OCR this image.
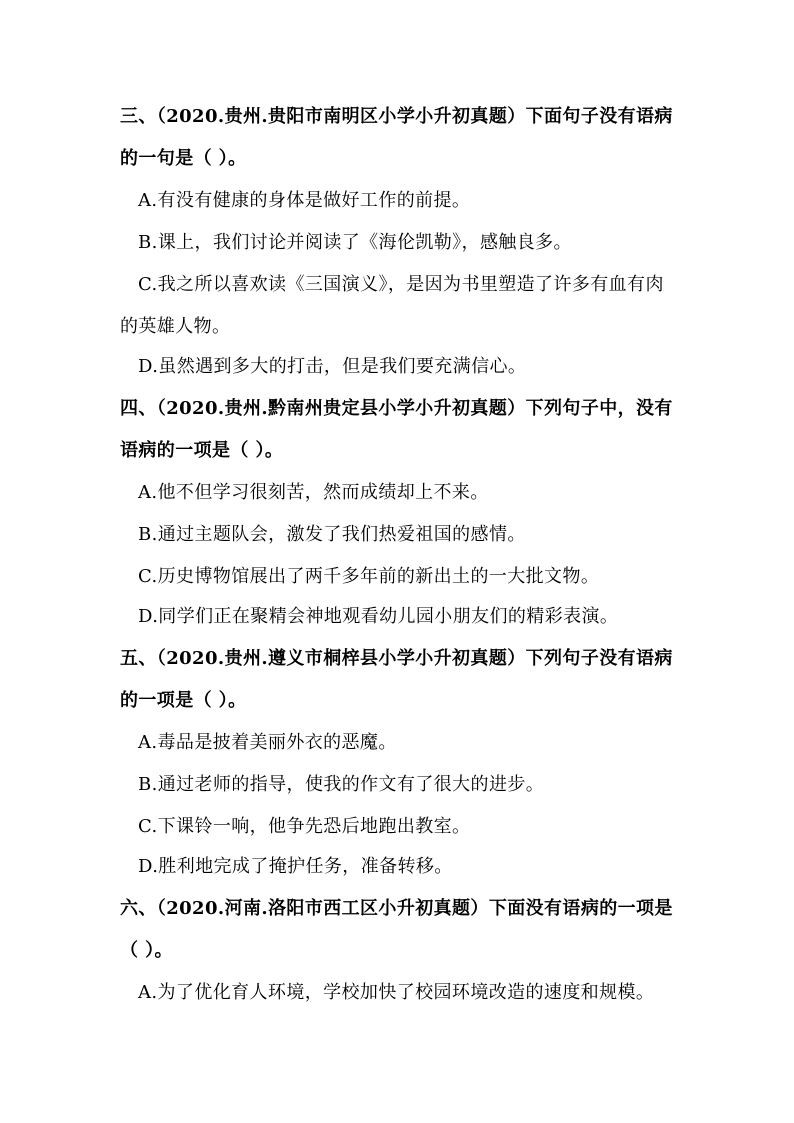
三、（2020.贵州.贵阳市南明区小学小升初真题）下面句子没有语病
的一句是（ ）。
A.有没有健康的身体是做好工作的前提。
B.课上，我们讨论并阅读了《海伦凯勒》，感触良多。
C.我之所以喜欢读《三国演义》，是因为书里塑造了许多有血有肉
的英雄人物。
D.虽然遇到多大的打击，但是我们要充满信心。
四、（2020.贵州.黔南州贵定县小学小升初真题）下列句子中，没有
语病的一项是（ ）。
A.他不但学习很刻苦，然而成绩却上不来。
B.通过主题队会，激发了我们热爱祖国的感情。
C.历史博物馆展出了两千多年前的新出土的一大批文物。
D.同学们正在聚精会神地观看幼儿园小朋友们的精彩表演。
五、（2020.贵州.遵义市桐梓县小学小升初真题）下列句子没有语病
的一项是（ ）。
A.毒品是披着美丽外衣的恶魔。
B.通过老师的指导，使我的作文有了很大的进步。
C.下课铃一响，他争先恐后地跑出教室。
D.胜利地完成了掩护任务，准备转移。
六、（2020.河南.洛阳市西工区小升初真题）下面没有语病的一项是
（ ）。
A.为了优化育人环境，学校加快了校园环境改造的速度和规模。
